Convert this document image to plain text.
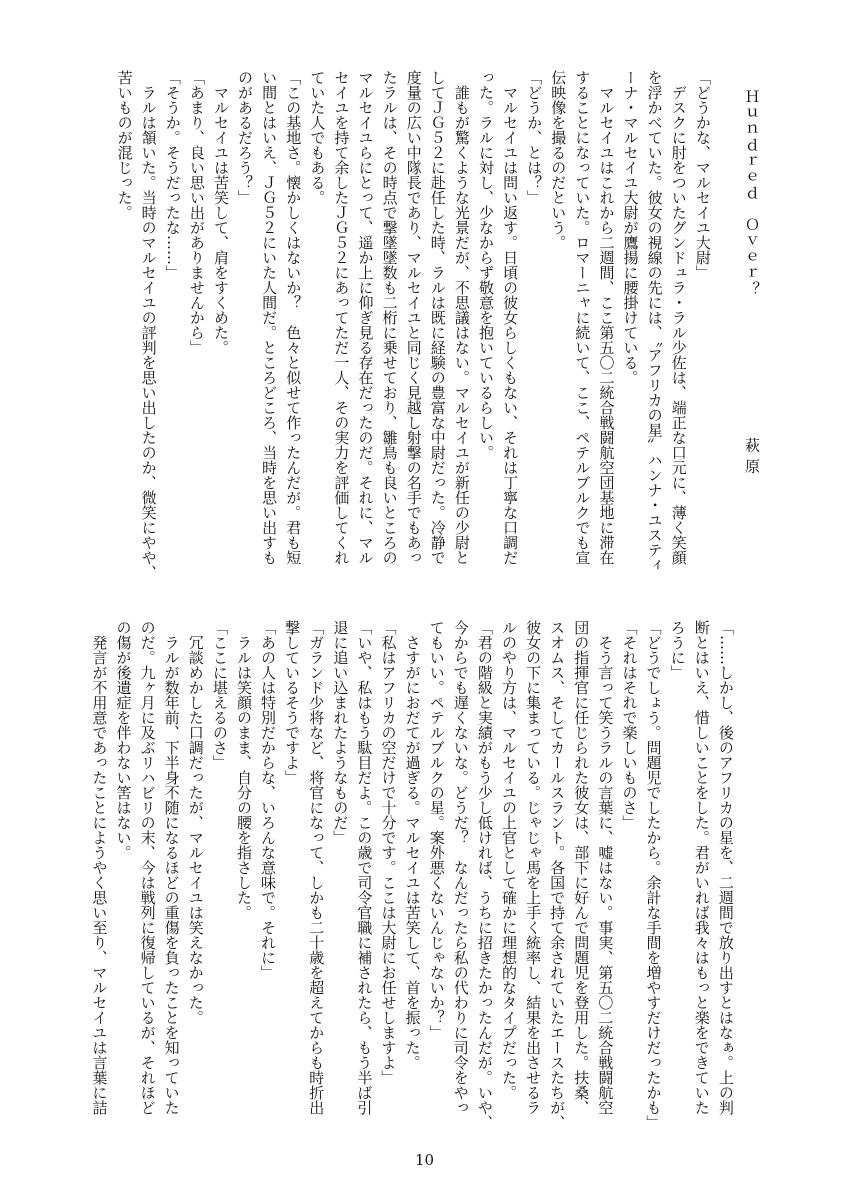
Ｈｕｎｄｒｅｄ　Ｏｖｅｒ？

萩原

「どうかな、マルセイユ大尉」
　デスクに肘をついたグンドュラ・ラル少佐は、端正な口元に、薄く笑顔
を浮かべていた。彼女の視線の先には、〝アフリカの星〟ハンナ・ユスティ
ーナ・マルセイユ大尉が鷹揚に腰掛けている。
　マルセイユはこれから二週間、ここ第五〇二統合戦闘航空団基地に滞在
することになっていた。ロマーニャに続いて、ここ、ペテルブルクでも宣
伝映像を撮るのだという。
「どうか、とは？」
　マルセイユは問い返す。日頃の彼女らしくもない、それは丁寧な口調だ
った。ラルに対し、少なからず敬意を抱いているらしい。
　誰もが驚くような光景だが、不思議はない。マルセイユが新任の少尉と
してＪＧ５２に赴任した時、ラルは既に経験の豊富な中尉だった。冷静で
度量の広い中隊長であり、マルセイユと同じく見越し射撃の名手でもあっ
たラルは、その時点で撃墜墜数も二桁に乗せており、雛鳥も良いところの
マルセイユらにとって、遥か上に仰ぎ見る存在だったのだ。それに、マル
セイユを持て余したＪＧ５２にあってただ一人、その実力を評価してくれ
ていた人でもある。
「この基地さ。懐かしくはないか？　色々と似せて作ったんだが。君も短
い間とはいえ、ＪＧ５２にいた人間だ。ところどころ、当時を思い出すも
のがあるだろう？」
　マルセイユは苦笑して、肩をすくめた。
「あまり、良い思い出がありませんから」
「そうか。そうだったな……」
　ラルは頷いた。当時のマルセイユの評判を思い出したのか、微笑にやや、
苦いものが混じった。

「……しかし、後のアフリカの星を、二週間で放り出すとはなぁ。上の判
断とはいえ、惜しいことをした。君がいれば我々はもっと楽をできていた
ろうに」
「どうでしょう。問題児でしたから。余計な手間を増やすだけだったかも」
「それはそれで楽しいものさ」
　そう言って笑うラルの言葉に、嘘はない。事実、第五〇二統合戦闘航空
団の指揮官に任じられた彼女は、部下に好んで問題児を登用した。扶桑、
スオムス、そしてカールスラント。各国で持て余されていたエースたちが、
彼女の下に集まっている。じゃじゃ馬を上手く統率し、結果を出させるラ
ルのやり方は、マルセイユの上官として確かに理想的なタイプだった。
「君の階級と実績がもう少し低ければ、うちに招きたかったんだが。いや、
今からでも遅くないな。どうだ？　なんだったら私の代わりに司令をやっ
てもいい。ペテルブルクの星。案外悪くないんじゃないか？」
　さすがにおだてが過ぎる。マルセイユは苦笑して、首を振った。
「私はアフリカの空だけで十分です。ここは大尉にお任せしますよ」
「いや、私はもう駄目だよ。この歳で司令官職に補されたら、もう半ば引
退に追い込まれたようなものだ」
「ガランド少将など、将官になって、しかも二十歳を超えてからも時折出
撃しているそうですよ」
「あの人は特別だからな、いろんな意味で。それに」
　ラルは笑顔のまま、自分の腰を指さした。
「ここに堪えるのさ」
　冗談めかした口調だったが、マルセイユは笑えなかった。
　ラルが数年前、下半身不随になるほどの重傷を負ったことを知っていた
のだ。九ヶ月に及ぶリハビリの末、今は戦列に復帰しているが、それほど
の傷が後遺症を伴わない筈はない。
　発言が不用意であったことにようやく思い至り、マルセイユは言葉に詰
10
